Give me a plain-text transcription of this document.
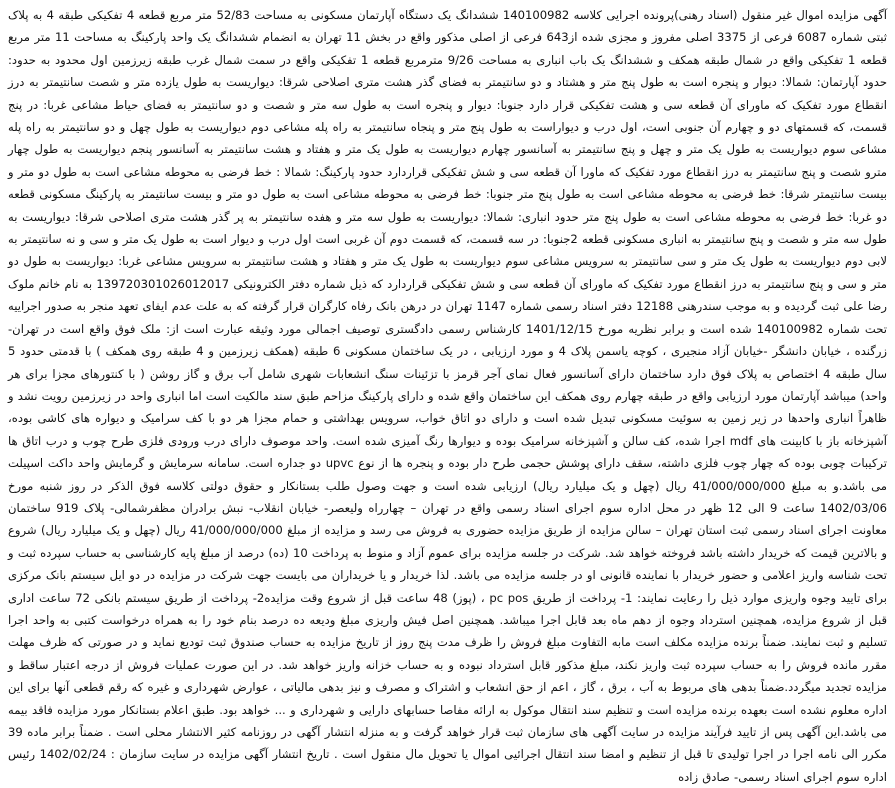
آگهی مزایده اموال غیر منقول (اسناد رهنی)پرونده اجرایی کلاسه 140100982 ششدانگ یک دستگاه آپارتمان مسکونی به مساحت 52/83 متر مربع قطعه 4 تفکیکی طبقه 4 به پلاک ثبتی شماره 6087 فرعی از 3375 اصلی مفروز و مجزی شده از643 فرعی از اصلی مذکور واقع در بخش 11 تهران به انضمام ششدانگ یک واحد پارکینگ به مساحت 11 متر مربع قطعه 1 تفکیکی واقع در شمال طبقه همکف و ششدانگ یک باب انباری به مساحت 9/26 مترمربع قطعه 1 تفکیکی واقع در سمت شمال غرب طبقه زیرزمین اول محدود به حدود: حدود آپارتمان: شمالا: دیوار و پنجره است به طول پنج متر و هشتاد و دو سانتیمتر به فضای گذر هشت متری اصلاحی شرقا: دیواریست به طول یازده متر و شصت سانتیمتر به درز انقطاع مورد تفکیک که ماورای آن قطعه سی و هشت تفکیکی قرار دارد جنوبا: دیوار و پنجره است به طول سه متر و شصت و دو سانتیمتر به فضای حیاط مشاعی غربا: در پنج قسمت، که قسمتهای دو و چهارم آن جنوبی است، اول درب و دیواراست به طول پنج متر و پنجاه سانتیمتر به راه پله مشاعی دوم دیواریست به طول چهل و دو سانتیمتر به راه پله مشاعی سوم دیواریست به طول یک متر و چهل و پنج سانتیمتر به آسانسور چهارم دیواریست به طول یک متر و هفتاد و هشت سانتیمتر به آسانسور پنجم دیواریست به طول چهار مترو شصت و پنج سانتیمتر به درز انقطاع مورد تفکیک که ماورا آن قطعه سی و شش تفکیکی قراردارد حدود پارکینگ: شمالا : خط فرضی به محوطه مشاعی است به طول دو متر و بیست سانتیمتر شرقا: خط فرضی به محوطه مشاعی است به طول پنج متر جنوبا: خط فرضی به محوطه مشاعی است به طول دو متر و بیست سانتیمتر به پارکینگ مسکونی قطعه دو غربا: خط فرضی به محوطه مشاعی است به طول پنج متر حدود انباری: شمالا: دیواریست به طول سه متر و هفده سانتیمتر به پر گذر هشت متری اصلاحی شرقا: دیواریست به طول سه متر و شصت و پنج سانتیمتر به انباری مسکونی قطعه 2جنوبا: در سه قسمت، که قسمت دوم آن غربی است اول درب و دیوار است به طول یک متر و سی و نه سانتیمتر به لابی دوم دیواریست به طول یک متر و سی سانتیمتر به سرویس مشاعی سوم دیواریست به طول یک متر و هفتاد و هشت سانتیمتر به سرویس مشاعی غربا: دیواریست به طول دو متر و سی و پنج سانتیمتر به درز انقطاع مورد تفکیک که ماورای آن قطعه سی و شش تفکیکی قراردارد که ذیل شماره دفتر الکترونیکی 139720301026012017 به نام خانم ملوک رضا علی ثبت گردیده و به موجب سندرهنی 12188 دفتر اسناد رسمی شماره 1147 تهران در درهن بانک رفاه کارگران قرار گرفته که به علت عدم ایفای تعهد منجر به صدور اجراییه تحت شماره 140100982 شده است و برابر نظریه مورخ 1401/12/15 کارشناس رسمی دادگستری توصیف اجمالی مورد وثیقه عبارت است از: ملک فوق واقع است در تهران- زرگنده ، خیابان دانشگر -خیابان آزاد منجیری ، کوچه یاسمن پلاک 4 و مورد ارزیابی ، در یک ساختمان مسکونی 6 طبقه (همکف زیرزمین و 4 طبقه روی همکف ) با قدمتی حدود 5 سال طبقه 4 اختصاص به پلاک فوق دارد ساختمان دارای آسانسور فعال نمای آجر قرمز با تزئینات سنگ انشعابات شهری شامل آب برق و گاز روشن ( با کنتورهای مجزا برای هر واحد) میباشد آپارتمان مورد ارزیابی واقع در طبقه چهارم روی همکف این ساختمان واقع شده و دارای پارکینگ مزاحم طبق سند مالکیت است اما انباری واحد در زیرزمین رویت نشد و ظاهراً انباری واحدها در زیر زمین به سوئیت مسکونی تبدیل شده است و دارای دو اتاق خواب، سرویس بهداشتی و حمام مجزا هر دو با کف سرامیک و دیواره های کاشی بوده، آشپزخانه باز با کابینت های mdf اجرا شده، کف سالن و آشپزخانه سرامیک بوده و دیوارها رنگ آمیزی شده است. واحد موصوف دارای درب ورودی فلزی طرح چوب و درب اتاق ها ترکیبات چوبی بوده که چهار چوب فلزی داشته، سقف دارای پوشش حجمی طرح دار بوده و پنجره ها از نوع upvc دو جداره است. سامانه سرمایش و گرمایش واحد داکت اسپیلت می باشد.و به مبلغ 41/000/000/000 ریال (چهل و یک میلیارد ریال) ارزیابی شده است و جهت وصول طلب بستانکار و حقوق دولتی کلاسه فوق الذکر در روز شنبه مورخ 1402/03/06 ساعت 9 الی 12 ظهر در محل اداره سوم اجرای اسناد رسمی واقع در تهران – چهارراه ولیعصر- خیابان انقلاب- نبش برادران مظفرشمالی- پلاک 919 ساختمان معاونت اجرای اسناد رسمی ثبت استان تهران – سالن مزایده از طریق مزایده حضوری به فروش می رسد و مزایده از مبلغ 41/000/000/000 ریال (چهل و یک میلیارد ریال) شروع و بالاترین قیمت که خریدار داشته باشد فروخته خواهد شد. شرکت در جلسه مزایده برای عموم آزاد و منوط به پرداخت 10 (ده) درصد از مبلغ پایه کارشناسی به حساب سپرده ثبت و تحت شناسه واریز اعلامی و حضور خریدار با نماینده قانونی او در جلسه مزایده می باشد. لذا خریدار و یا خریداران می بایست جهت شرکت در مزایده در دو ایل سیستم بانک مرکزی برای تایید وجوه واریزی موارد ذیل را رعایت نمایند: 1- پرداخت از طریق pc pos ، (پوز) 48 ساعت قبل از شروع وقت مزایده2- پرداخت از طریق سیستم بانکی 72 ساعت اداری قبل از شروع مزایده، همچنین استرداد وجوه از دهم ماه بعد قابل اجرا میباشد. همچنین اصل فیش واریزی مبلغ ودیعه ده درصد بنام خود را به همراه درخواست کتبی به واحد اجرا تسلیم و ثبت نمایند. ضمناً برنده مزایده مکلف است مابه التفاوت مبلغ فروش را ظرف مدت پنج روز از تاریخ مزایده به حساب صندوق ثبت تودیع نماید و در صورتی که ظرف مهلت مقرر مانده فروش را به حساب سپرده ثبت واریز نکند، مبلغ مذکور قابل استرداد نبوده و به حساب خزانه واریز خواهد شد. در این صورت عملیات فروش از درجه اعتبار ساقط و مزایده تجدید میگردد.ضمناً بدهی های مربوط به آب ، برق ، گاز ، اعم از حق انشعاب و اشتراک و مصرف و نیز بدهی مالیاتی ، عوارض شهرداری و غیره که رقم قطعی آنها برای این اداره معلوم نشده است بعهده برنده مزایده است و تنظیم سند انتقال موکول به ارائه مفاصا حسابهای دارایی و شهرداری و ... خواهد بود. طبق اعلام بستانکار مورد مزایده فاقد بیمه می باشد.این آگهی پس از تایید فرآیند مزایده در سایت آگهی های سازمان ثبت قرار خواهد گرفت و به منزله انتشار آگهی در روزنامه کثیر الانتشار محلی است . ضمناً برابر ماده 39 مکرر الی نامه اجرا در اجرا تولیدی تا قبل از تنظیم و امضا سند انتقال اجرائیی اموال یا تحویل مال منقول است . تاریخ انتشار آگهی مزایده در سایت سازمان : 1402/02/24 رئیس اداره سوم اجرای اسناد رسمی- صادق زاده
